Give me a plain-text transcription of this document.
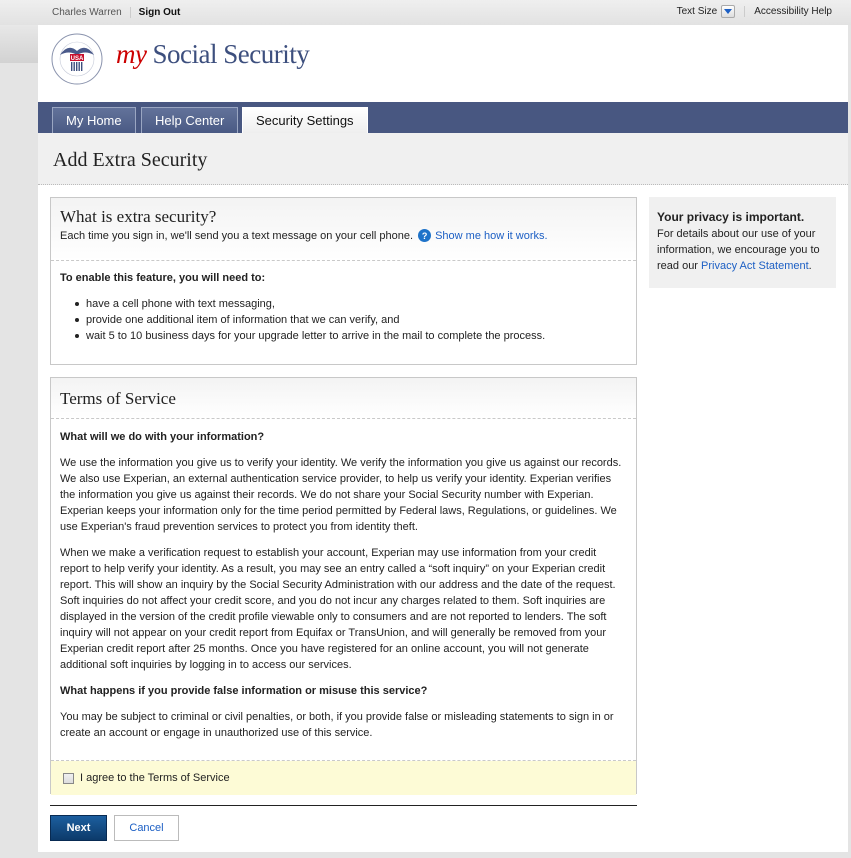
Charles Warren Sign Out	Text Size	Accessibility Help
USA my Social Security
My Home	Help Center	Security Settings
Add Extra Security
What is extra security?
Each time you sign in, we'll send you a text message on your cell phone. ? Show me how it works.
To enable this feature, you will need to:
have a cell phone with text messaging,
provide one additional item of information that we can verify, and
wait 5 to 10 business days for your upgrade letter to arrive in the mail to complete the process.
Terms of Service
What will we do with your information?

We use the information you give us to verify your identity. We verify the information you give us against our records. We also use Experian, an external authentication service provider, to help us verify your identity. Experian verifies the information you give us against their records. We do not share your Social Security number with Experian. Experian keeps your information only for the time period permitted by Federal laws, Regulations, or guidelines. We use Experian's fraud prevention services to protect you from identity theft.

When we make a verification request to establish your account, Experian may use information from your credit report to help verify your identity. As a result, you may see an entry called a “soft inquiry” on your Experian credit report. This will show an inquiry by the Social Security Administration with our address and the date of the request. Soft inquiries do not affect your credit score, and you do not incur any charges related to them. Soft inquiries are displayed in the version of the credit profile viewable only to consumers and are not reported to lenders. The soft inquiry will not appear on your credit report from Equifax or TransUnion, and will generally be removed from your Experian credit report after 25 months. Once you have registered for an online account, you will not generate additional soft inquiries by logging in to access our services.

What happens if you provide false information or misuse this service?

You may be subject to criminal or civil penalties, or both, if you provide false or misleading statements to sign in or create an account or engage in unauthorized use of this service.

I agree to the Terms of Service
Your privacy is important.
For details about our use of your information, we encourage you to read our Privacy Act Statement.
Next	Cancel
